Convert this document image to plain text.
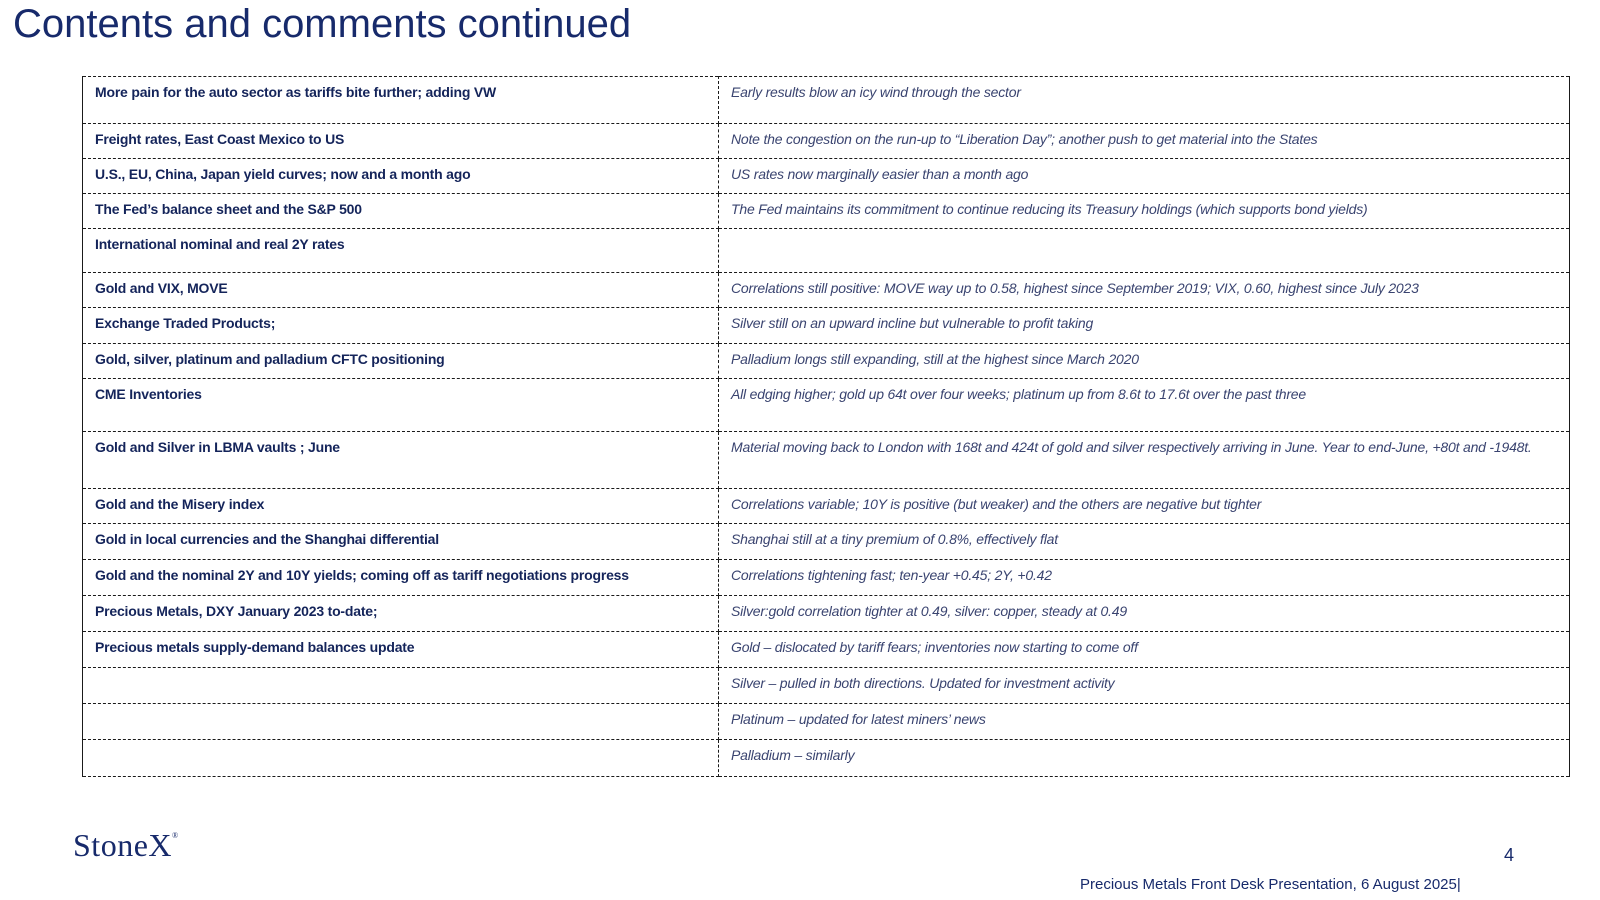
Contents and comments continued
More pain for the auto sector as tariffs bite further; adding VW	Early results blow an icy wind through the sector
Freight rates, East Coast Mexico to US	Note the congestion on the run-up to “Liberation Day”; another push to get material into the States
U.S., EU, China, Japan yield curves; now and a month ago	US rates now marginally easier than a month ago
The Fed’s balance sheet and the S&P 500	The Fed maintains its commitment to continue reducing its Treasury holdings (which supports bond yields)
International nominal and real 2Y rates	
Gold and VIX, MOVE	Correlations still positive: MOVE way up to 0.58, highest since September 2019; VIX, 0.60, highest since July 2023
Exchange Traded Products;	Silver still on an upward incline but vulnerable to profit taking
Gold, silver, platinum and palladium CFTC positioning	Palladium longs still expanding, still at the highest since March 2020
CME Inventories	All edging higher; gold up 64t over four weeks; platinum up from 8.6t to 17.6t over the past three
Gold and Silver in LBMA vaults ; June	Material moving back to London with 168t and 424t of gold and silver respectively arriving in June. Year to end-June, +80t and -1948t.
Gold and the Misery index	Correlations variable; 10Y is positive (but weaker) and the others are negative but tighter
Gold in local currencies and the Shanghai differential	Shanghai still at a tiny premium of 0.8%, effectively flat
Gold and the nominal 2Y and 10Y yields; coming off as tariff negotiations progress	Correlations tightening fast; ten-year +0.45; 2Y, +0.42
Precious Metals, DXY January 2023 to-date;	Silver:gold correlation tighter at 0.49, silver: copper, steady at 0.49
Precious metals supply-demand balances update	Gold – dislocated by tariff fears; inventories now starting to come off
	Silver – pulled in both directions. Updated for investment activity
	Platinum – updated for latest miners’ news
	Palladium – similarly
StoneX®
4
Precious Metals Front Desk Presentation, 6 August 2025|
